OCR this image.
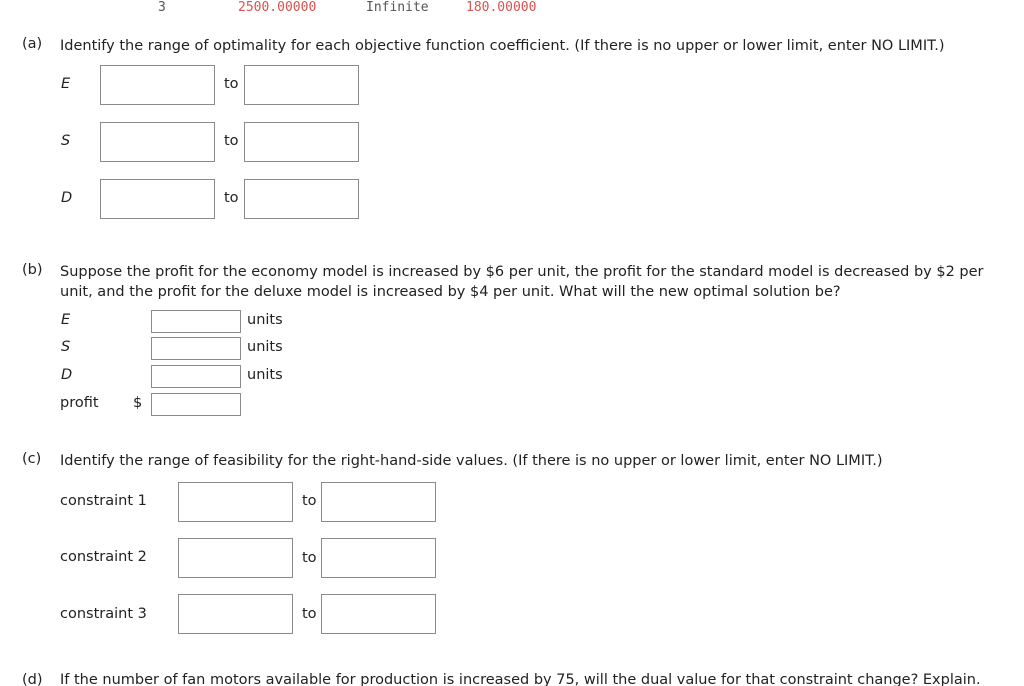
3	2500.00000	Infinite	180.00000
(a) Identify the range of optimality for each objective function coefficient. (If there is no upper or lower limit, enter NO LIMIT.)
E	to
S	to
D	to
(b) Suppose the profit for the economy model is increased by $6 per unit, the profit for the standard model is decreased by $2 per
unit, and the profit for the deluxe model is increased by $4 per unit. What will the new optimal solution be?
E	units
S	units
D	units
profit $
(c) Identify the range of feasibility for the right-hand-side values. (If there is no upper or lower limit, enter NO LIMIT.)
constraint 1	to
constraint 2	to
constraint 3	to
(d) If the number of fan motors available for production is increased by 75, will the dual value for that constraint change? Explain.
